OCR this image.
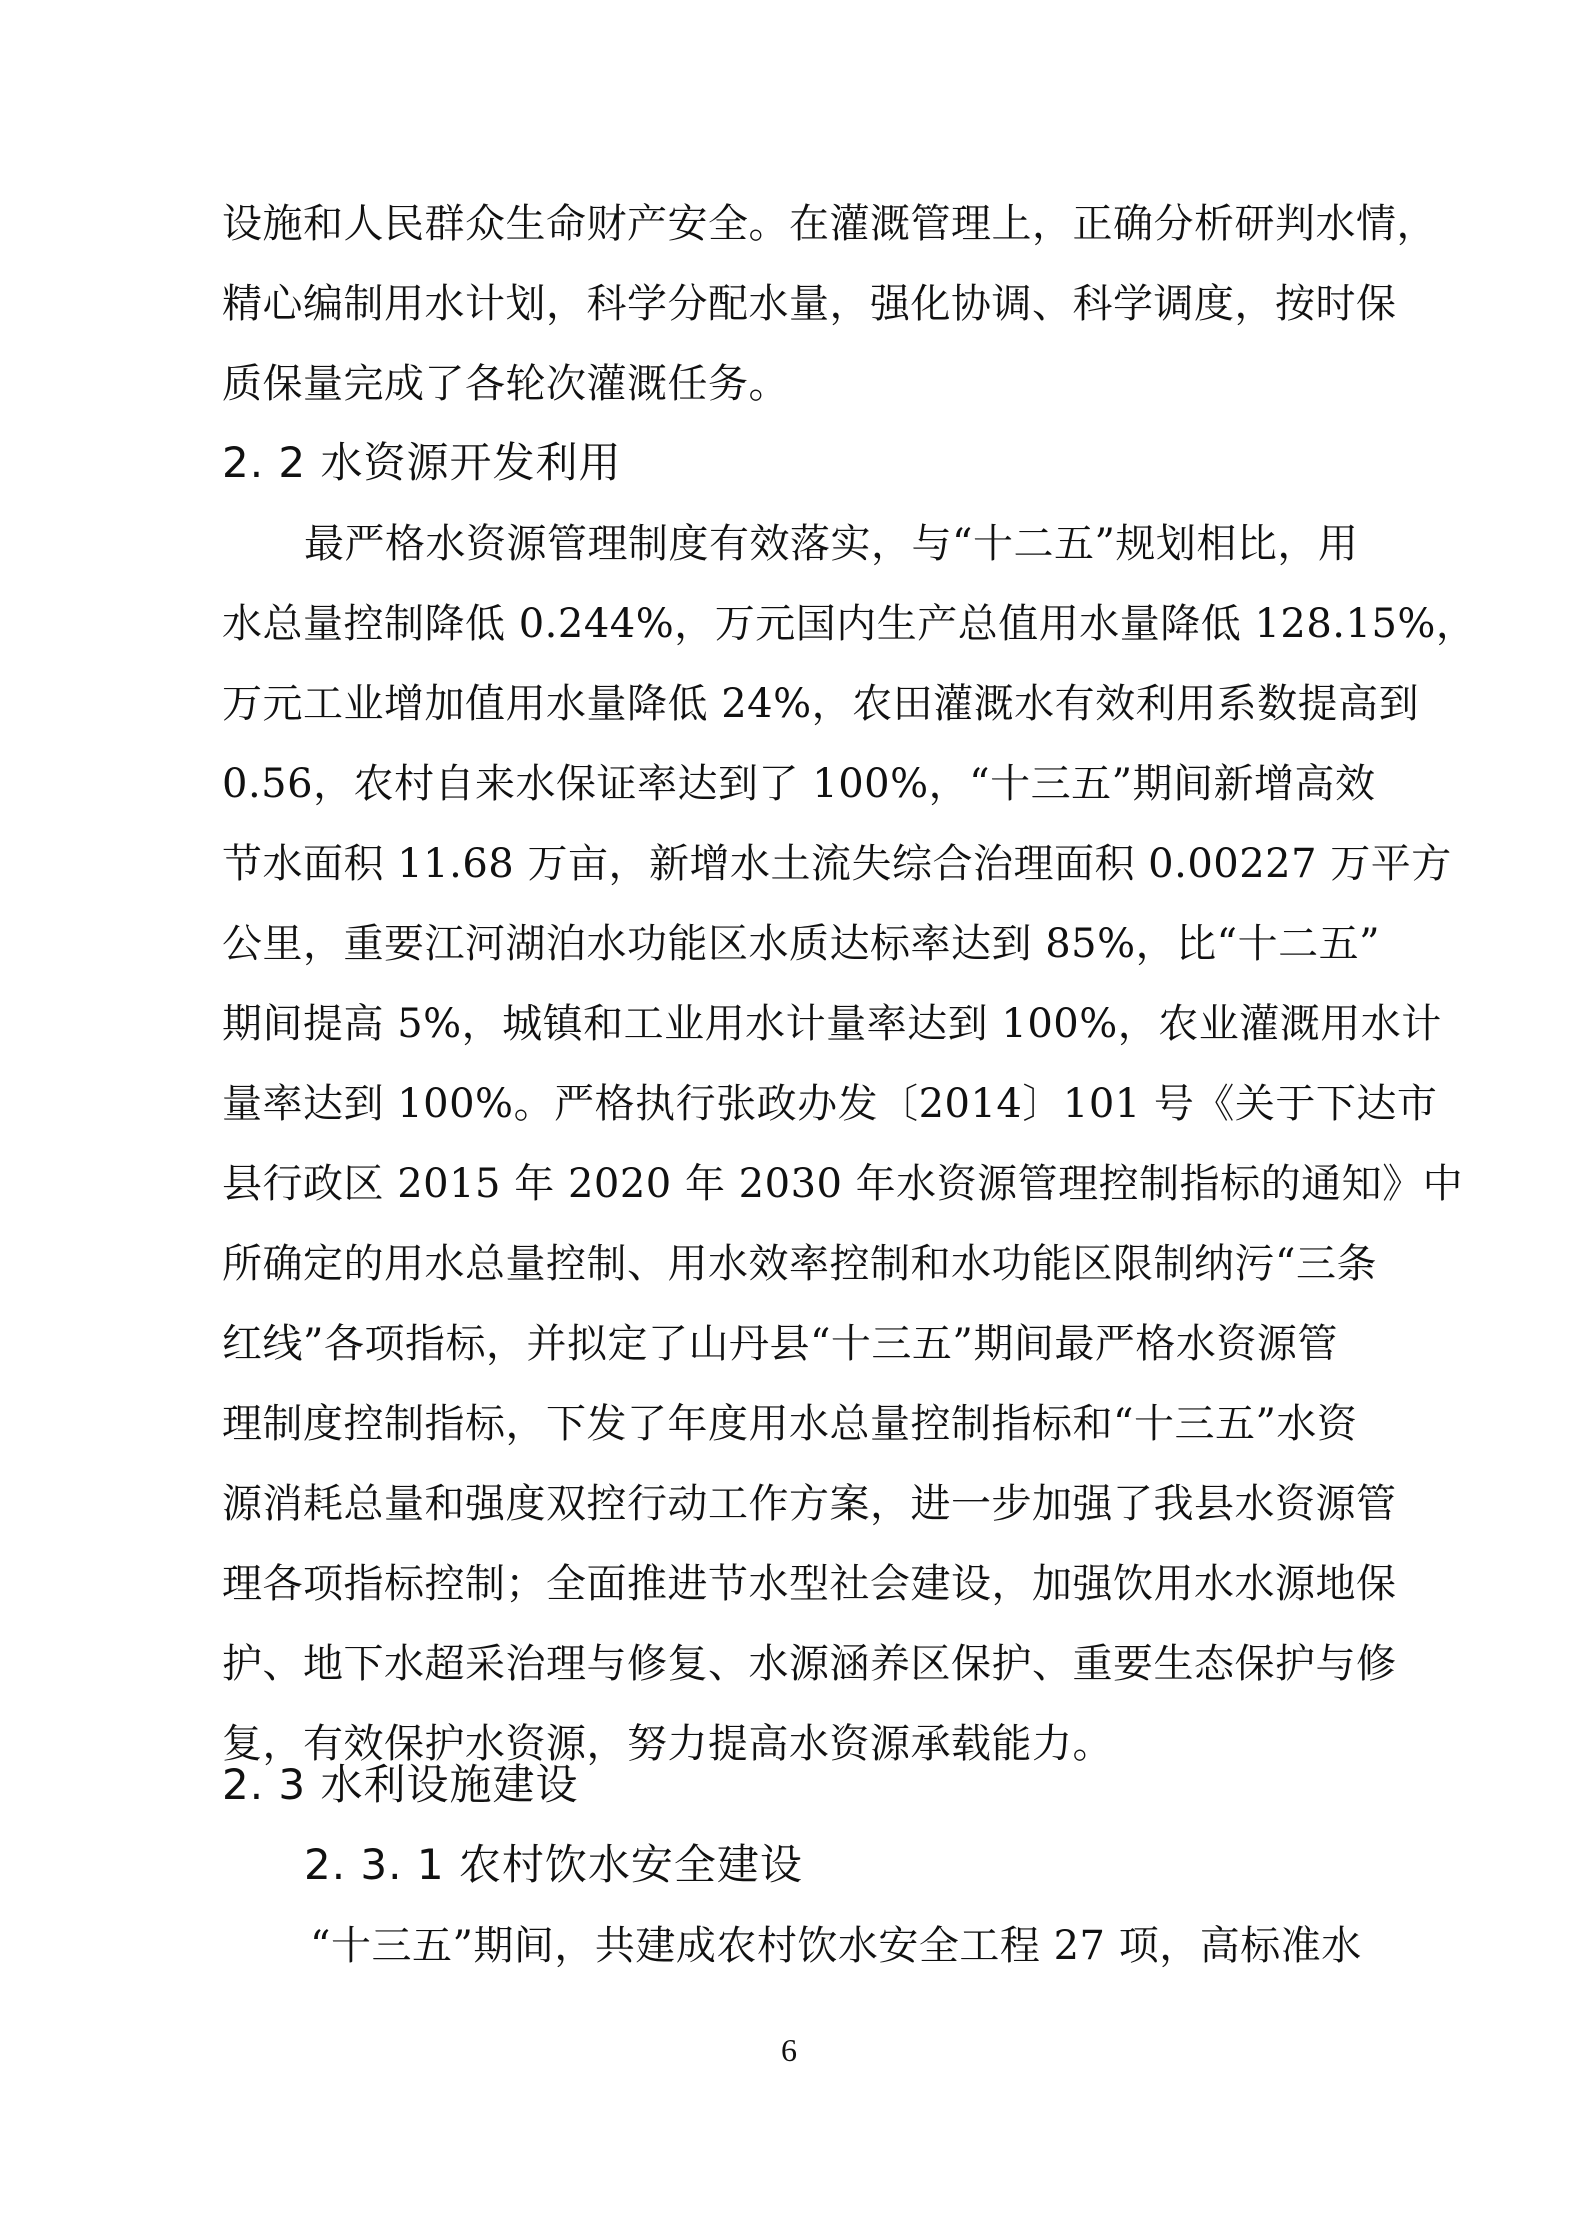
设施和人民群众生命财产安全。在灌溉管理上，正确分析研判水情，
精心编制用水计划，科学分配水量，强化协调、科学调度，按时保
质保量完成了各轮次灌溉任务。
2. 2 水资源开发利用
最严格水资源管理制度有效落实，与“十二五”规划相比，用
水总量控制降低 0.244%，万元国内生产总值用水量降低 128.15%，
万元工业增加值用水量降低 24%，农田灌溉水有效利用系数提高到
0.56，农村自来水保证率达到了 100%，“十三五”期间新增高效
节水面积 11.68 万亩，新增水土流失综合治理面积 0.00227 万平方
公里，重要江河湖泊水功能区水质达标率达到 85%，比“十二五”
期间提高 5%，城镇和工业用水计量率达到 100%，农业灌溉用水计
量率达到 100%。严格执行张政办发〔2014〕101 号《关于下达市
县行政区 2015 年 2020 年 2030 年水资源管理控制指标的通知》中
所确定的用水总量控制、用水效率控制和水功能区限制纳污“三条
红线”各项指标，并拟定了山丹县“十三五”期间最严格水资源管
理制度控制指标，下发了年度用水总量控制指标和“十三五”水资
源消耗总量和强度双控行动工作方案，进一步加强了我县水资源管
理各项指标控制；全面推进节水型社会建设，加强饮用水水源地保
护、地下水超采治理与修复、水源涵养区保护、重要生态保护与修
复，有效保护水资源，努力提高水资源承载能力。
2. 3 水利设施建设
2. 3. 1 农村饮水安全建设
“十三五”期间，共建成农村饮水安全工程 27 项，高标准水
6
